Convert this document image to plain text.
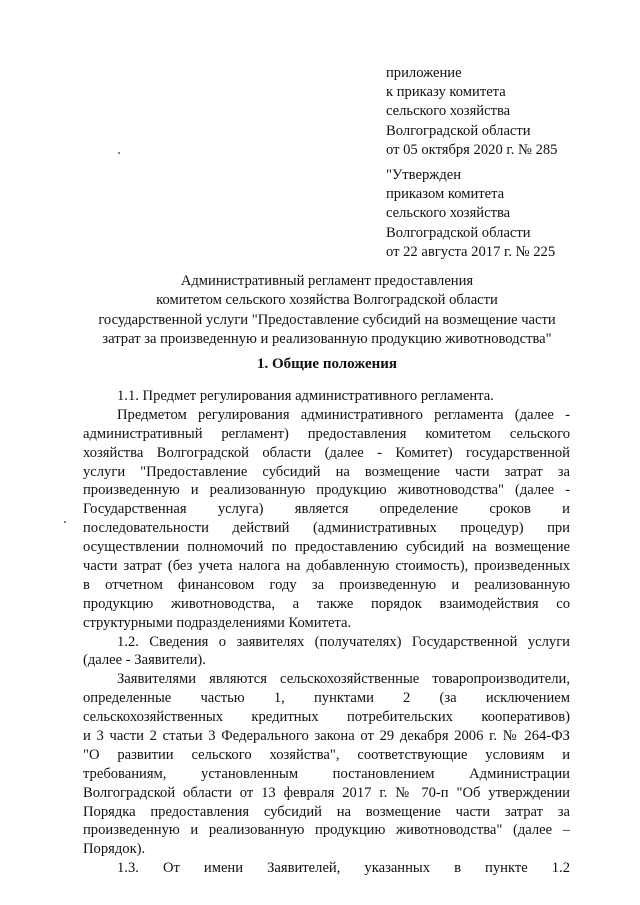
приложение
к приказу комитета
сельского хозяйства
Волгоградской области
от 05 октября 2020 г. № 285
"Утвержден
приказом комитета
сельского хозяйства
Волгоградской области
от 22 августа 2017 г. № 225
Административный регламент предоставления
комитетом сельского хозяйства Волгоградской области
государственной услуги "Предоставление субсидий на возмещение части
затрат за произведенную и реализованную продукцию животноводства"
1. Общие положения
1.1. Предмет регулирования административного регламента.
Предметом регулирования административного регламента (далее -
административный регламент) предоставления комитетом сельского
хозяйства Волгоградской области (далее - Комитет) государственной
услуги "Предоставление субсидий на возмещение части затрат за
произведенную и реализованную продукцию животноводства" (далее -
Государственная услуга) является определение сроков и
последовательности действий (административных процедур) при
осуществлении полномочий по предоставлению субсидий на возмещение
части затрат (без учета налога на добавленную стоимость), произведенных
в отчетном финансовом году за произведенную и реализованную
продукцию животноводства, а также порядок взаимодействия со
структурными подразделениями Комитета.
1.2. Сведения о заявителях (получателях) Государственной услуги
(далее - Заявители).
Заявителями являются сельскохозяйственные товаропроизводители,
определенные частью 1, пунктами 2 (за исключением
сельскохозяйственных кредитных потребительских кооперативов)
и 3 части 2 статьи 3 Федерального закона от 29 декабря 2006 г. № 264-ФЗ
"О развитии сельского хозяйства", соответствующие условиям и
требованиям, установленным постановлением Администрации
Волгоградской области от 13 февраля 2017 г. № 70-п "Об утверждении
Порядка предоставления субсидий на возмещение части затрат за
произведенную и реализованную продукцию животноводства" (далее –
Порядок).
1.3. От имени Заявителей, указанных в пункте 1.2
